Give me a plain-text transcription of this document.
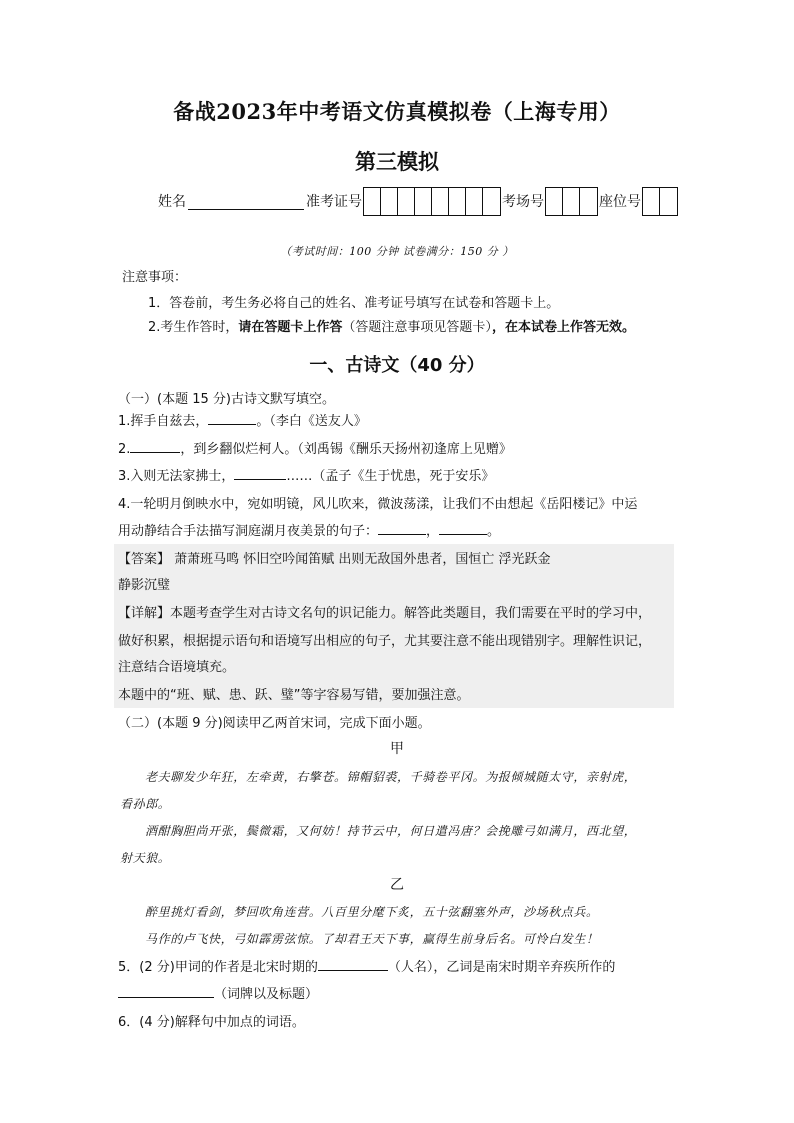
备战2023年中考语文仿真模拟卷（上海专用）
第三模拟
姓名	准考证号	考场号	座位号
（考试时间：100 分钟 试卷满分：150 分 ）
注意事项：
1．答卷前，考生务必将自己的姓名、准考证号填写在试卷和答题卡上。
2.考生作答时，请在答题卡上作答（答题注意事项见答题卡），在本试卷上作答无效。
一、古诗文（40 分）
（一）(本题 15 分)古诗文默写填空。
1.挥手自兹去，	。（李白《送友人》
2.	，到乡翻似烂柯人。（刘禹锡《酬乐天扬州初逢席上见赠》
3.入则无法家拂士，	……（孟子《生于忧患，死于安乐》
4.一轮明月倒映水中，宛如明镜，风儿吹来，微波荡漾，让我们不由想起《岳阳楼记》中运
用动静结合手法描写洞庭湖月夜美景的句子：	，	。
【答案】 萧萧班马鸣 怀旧空吟闻笛赋 出则无敌国外患者，国恒亡 浮光跃金
静影沉璧
【详解】本题考查学生对古诗文名句的识记能力。解答此类题目，我们需要在平时的学习中，
做好积累，根据提示语句和语境写出相应的句子，尤其要注意不能出现错别字。理解性识记，
注意结合语境填充。
本题中的“班、赋、患、跃、璧”等字容易写错，要加强注意。
（二）(本题 9 分)阅读甲乙两首宋词，完成下面小题。
甲
老夫聊发少年狂，左牵黄，右擎苍。锦帽貂裘，千骑卷平冈。为报倾城随太守，亲射虎，
看孙郎。
酒酣胸胆尚开张，鬓微霜，又何妨！持节云中，何日遣冯唐？会挽雕弓如满月，西北望，
射天狼。
乙
醉里挑灯看剑，梦回吹角连营。八百里分麾下炙，五十弦翻塞外声，沙场秋点兵。
马作的卢飞快，弓如霹雳弦惊。了却君王天下事，赢得生前身后名。可怜白发生！
5．(2 分)甲词的作者是北宋时期的	（人名），乙词是南宋时期辛弃疾所作的
（词牌以及标题）
6．(4 分)解释句中加点的词语。
